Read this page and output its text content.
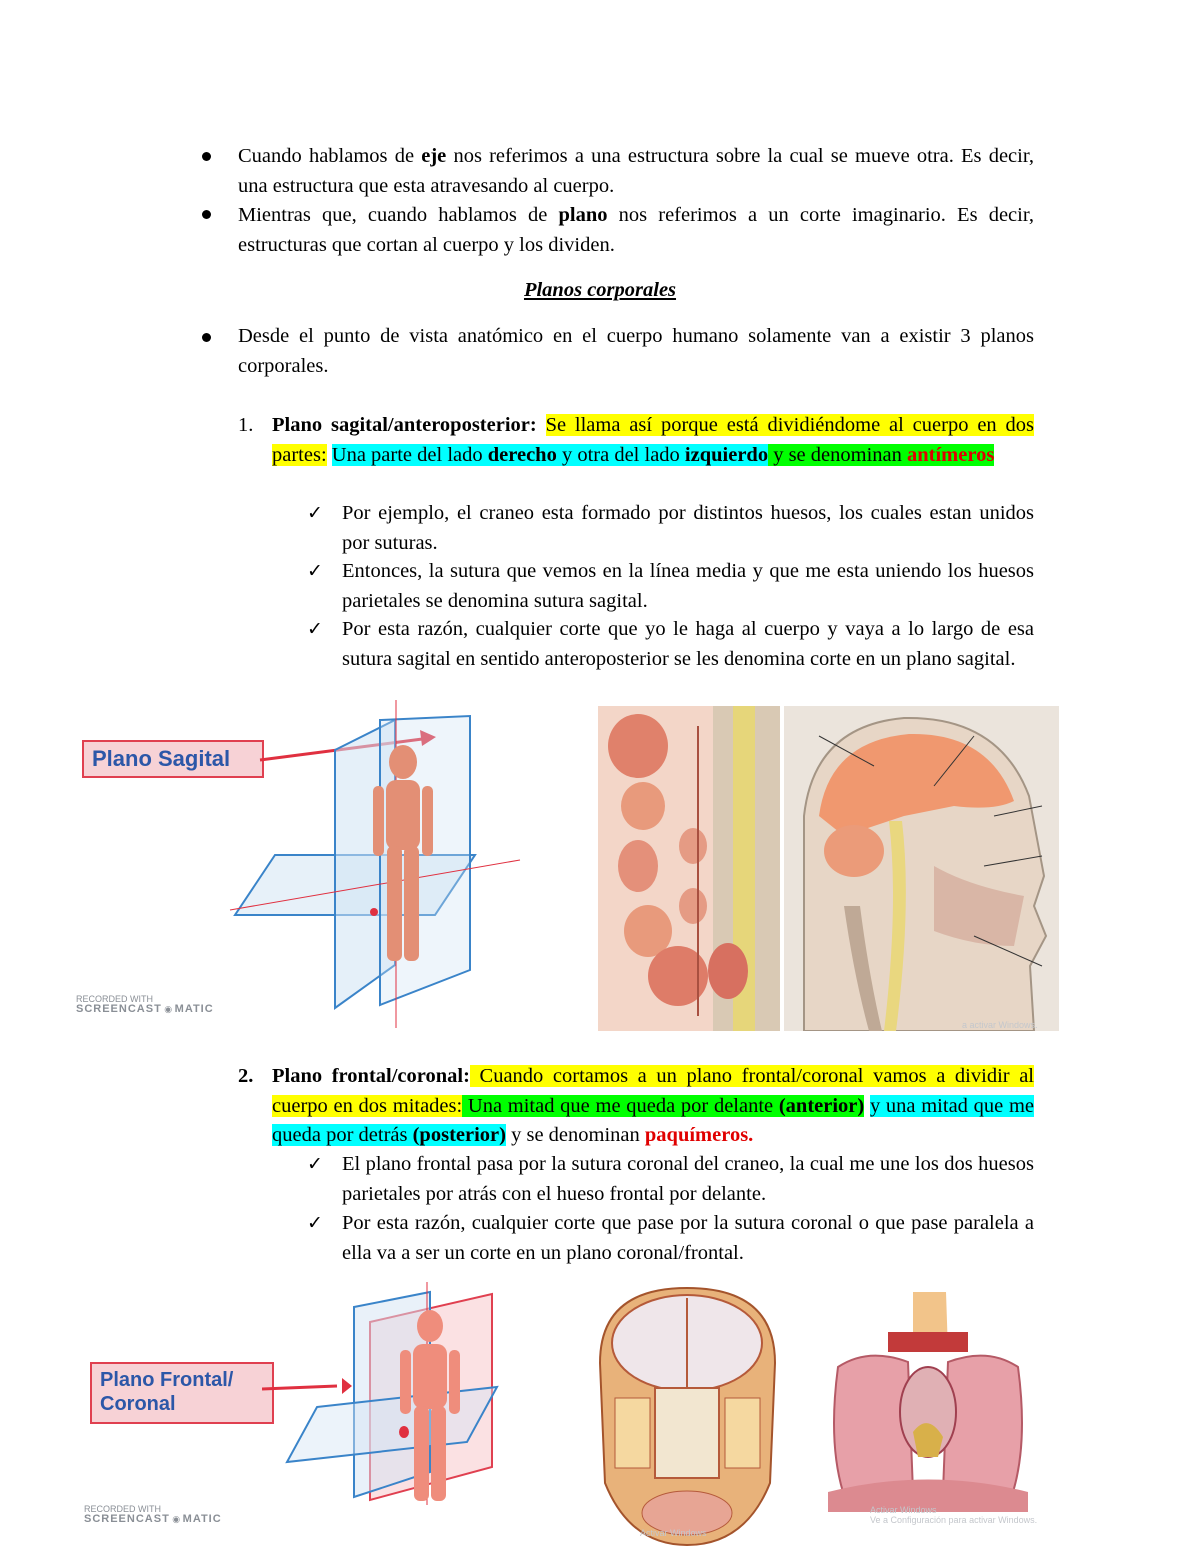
Cuando hablamos de eje nos referimos a una estructura sobre la cual se mueve otra. Es decir, una estructura que esta atravesando al cuerpo.
Mientras que, cuando hablamos de plano nos referimos a un corte imaginario. Es decir, estructuras que cortan al cuerpo y los dividen.
Planos corporales
Desde el punto de vista anatómico en el cuerpo humano solamente van a existir 3 planos corporales.
1. Plano sagital/anteroposterior: Se llama así porque está dividiéndome al cuerpo en dos partes: Una parte del lado derecho y otra del lado izquierdo y se denominan antímeros
✓ Por ejemplo, el craneo esta formado por distintos huesos, los cuales estan unidos por suturas.
✓ Entonces, la sutura que vemos en la línea media y que me esta uniendo los huesos parietales se denomina sutura sagital.
✓ Por esta razón, cualquier corte que yo le haga al cuerpo y vaya a lo largo de esa sutura sagital en sentido anteroposterior se les denomina corte en un plano sagital.
Plano Sagital
RECORDED WITH
SCREENCAST ◉ MATIC
a activar Windows.
2. Plano frontal/coronal: Cuando cortamos a un plano frontal/coronal vamos a dividir al cuerpo en dos mitades: Una mitad que me queda por delante (anterior) y una mitad que me queda por detrás (posterior) y se denominan paquímeros.
✓ El plano frontal pasa por la sutura coronal del craneo, la cual me une los dos huesos parietales por atrás con el hueso frontal por delante.
✓ Por esta razón, cualquier corte que pase por la sutura coronal o que pase paralela a ella va a ser un corte en un plano coronal/frontal.
Plano Frontal/
Coronal
RECORDED WITH
SCREENCAST ◉ MATIC
Activar Windows
Activar Windows
Ve a Configuración para activar Windows.
